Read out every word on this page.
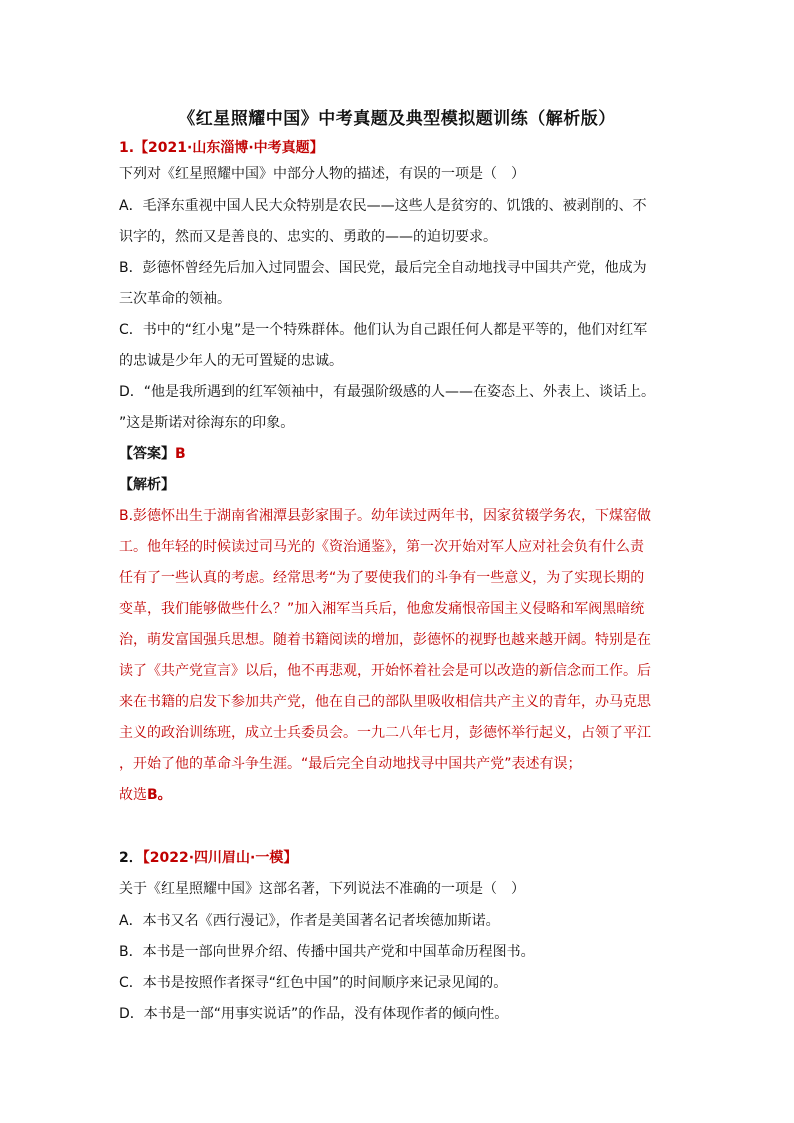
《红星照耀中国》中考真题及典型模拟题训练（解析版）
1.【2021·山东淄博·中考真题】
下列对《红星照耀中国》中部分人物的描述，有误的一项是（　）
A．毛泽东重视中国人民大众特别是农民——这些人是贫穷的、饥饿的、被剥削的、不
识字的，然而又是善良的、忠实的、勇敢的——的迫切要求。
B．彭德怀曾经先后加入过同盟会、国民党，最后完全自动地找寻中国共产党，他成为
三次革命的领袖。
C．书中的“红小鬼”是一个特殊群体。他们认为自己跟任何人都是平等的，他们对红军
的忠诚是少年人的无可置疑的忠诚。
D．“他是我所遇到的红军领袖中，有最强阶级感的人——在姿态上、外表上、谈话上。
”这是斯诺对徐海东的印象。
【答案】B
【解析】
B.彭德怀出生于湖南省湘潭县彭家围子。幼年读过两年书，因家贫辍学务农，下煤窑做
工。他年轻的时候读过司马光的《资治通鉴》，第一次开始对军人应对社会负有什么责
任有了一些认真的考虑。经常思考“为了要使我们的斗争有一些意义，为了实现长期的
变革，我们能够做些什么？”加入湘军当兵后，他愈发痛恨帝国主义侵略和军阀黑暗统
治，萌发富国强兵思想。随着书籍阅读的增加，彭德怀的视野也越来越开阔。特别是在
读了《共产党宣言》以后，他不再悲观，开始怀着社会是可以改造的新信念而工作。后
来在书籍的启发下参加共产党，他在自己的部队里吸收相信共产主义的青年，办马克思
主义的政治训练班，成立士兵委员会。一九二八年七月，彭德怀举行起义，占领了平江
，开始了他的革命斗争生涯。“最后完全自动地找寻中国共产党”表述有误；
故选B。
2．【2022·四川眉山·一模】
关于《红星照耀中国》这部名著，下列说法不准确的一项是（　）
A．本书又名《西行漫记》，作者是美国著名记者埃德加斯诺。
B．本书是一部向世界介绍、传播中国共产党和中国革命历程图书。
C．本书是按照作者探寻“红色中国”的时间顺序来记录见闻的。
D．本书是一部“用事实说话”的作品，没有体现作者的倾向性。
